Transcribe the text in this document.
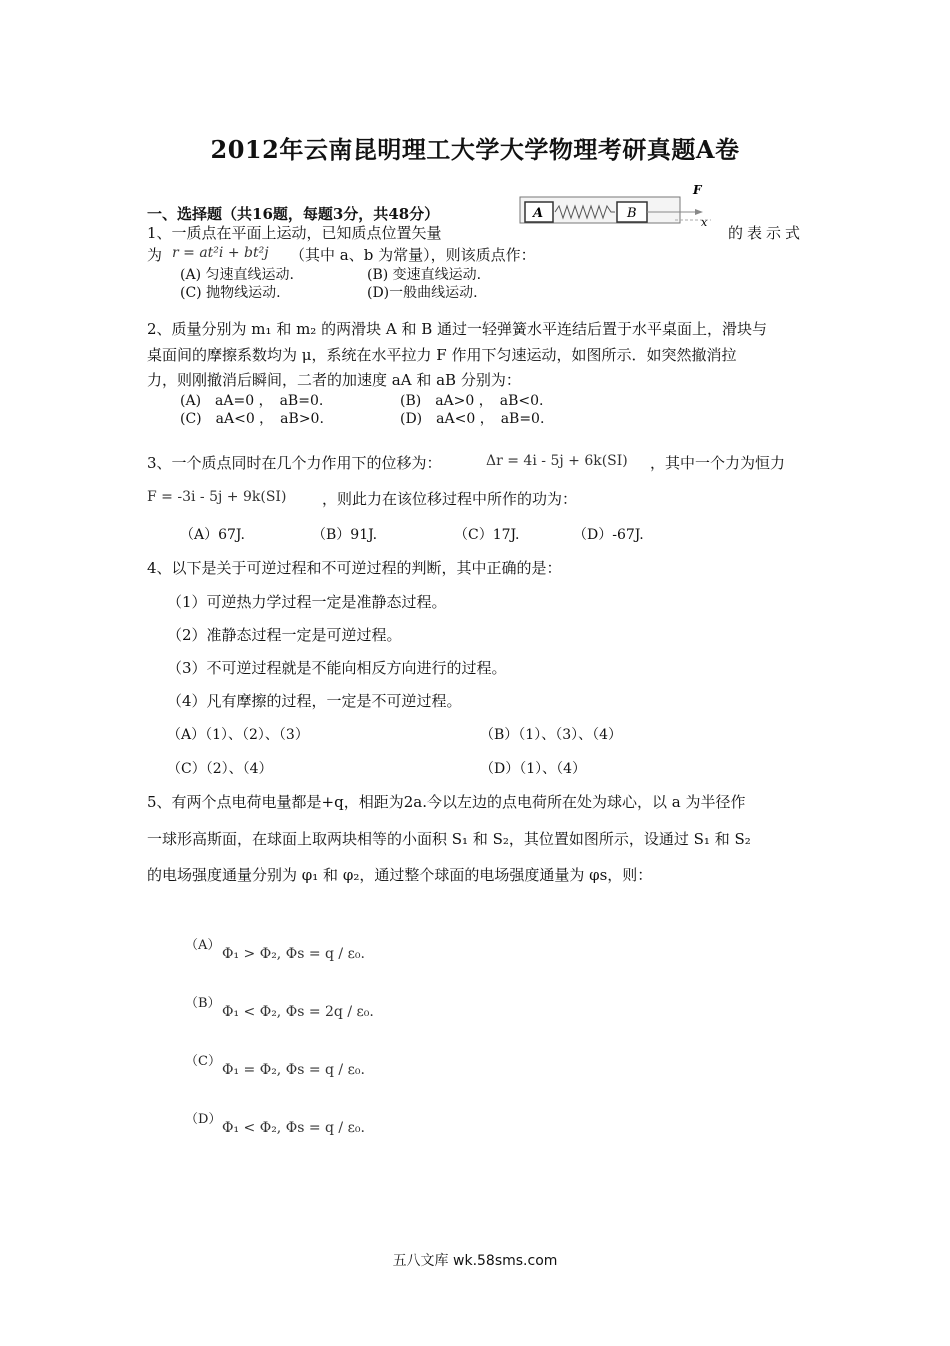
2012年云南昆明理工大学大学物理考研真题A卷
一、选择题（共16题，每题3分，共48分）	A	B
F
x
1、一质点在平面上运动，已知质点位置矢量	的表示式
为 r = at²i + bt²j （其中 a、b 为常量），则该质点作：
(A) 匀速直线运动.	(B) 变速直线运动.
(C) 抛物线运动.	(D)一般曲线运动.
2、质量分别为 m₁ 和 m₂ 的两滑块 A 和 B 通过一轻弹簧水平连结后置于水平桌面上，滑块与
桌面间的摩擦系数均为 μ，系统在水平拉力 F 作用下匀速运动，如图所示．如突然撤消拉
力，则刚撤消后瞬间，二者的加速度 aA 和 aB 分别为：
(A)　aA=0 ，　aB=0.	(B)　aA>0 ，　aB<0.
(C)　aA<0 ，　aB>0.	(D)　aA<0 ，　aB=0.
3、一个质点同时在几个力作用下的位移为：	Δr = 4i - 5j + 6k(SI) ，其中一个力为恒力
F = -3i - 5j + 9k(SI) ，则此力在该位移过程中所作的功为：
（A）67J.	（B）91J.	（C）17J.	（D）-67J.
4、以下是关于可逆过程和不可逆过程的判断，其中正确的是：
（1）可逆热力学过程一定是准静态过程。
（2）准静态过程一定是可逆过程。
（3）不可逆过程就是不能向相反方向进行的过程。
（4）凡有摩擦的过程，一定是不可逆过程。
（A）（1）、（2）、（3）	（B）（1）、（3）、（4）
（C）（2）、（4）	（D）（1）、（4）
5、有两个点电荷电量都是+q，相距为2a.今以左边的点电荷所在处为球心，以 a 为半径作
一球形高斯面，在球面上取两块相等的小面积 S₁ 和 S₂，其位置如图所示，设通过 S₁ 和 S₂
的电场强度通量分别为 φ₁ 和 φ₂，通过整个球面的电场强度通量为 φs，则：
（A）
Φ₁ > Φ₂, Φs = q / ε₀.
（B）
Φ₁ < Φ₂, Φs = 2q / ε₀.
（C）
Φ₁ = Φ₂, Φs = q / ε₀.
（D）
Φ₁ < Φ₂, Φs = q / ε₀.
五八文库 wk.58sms.com
